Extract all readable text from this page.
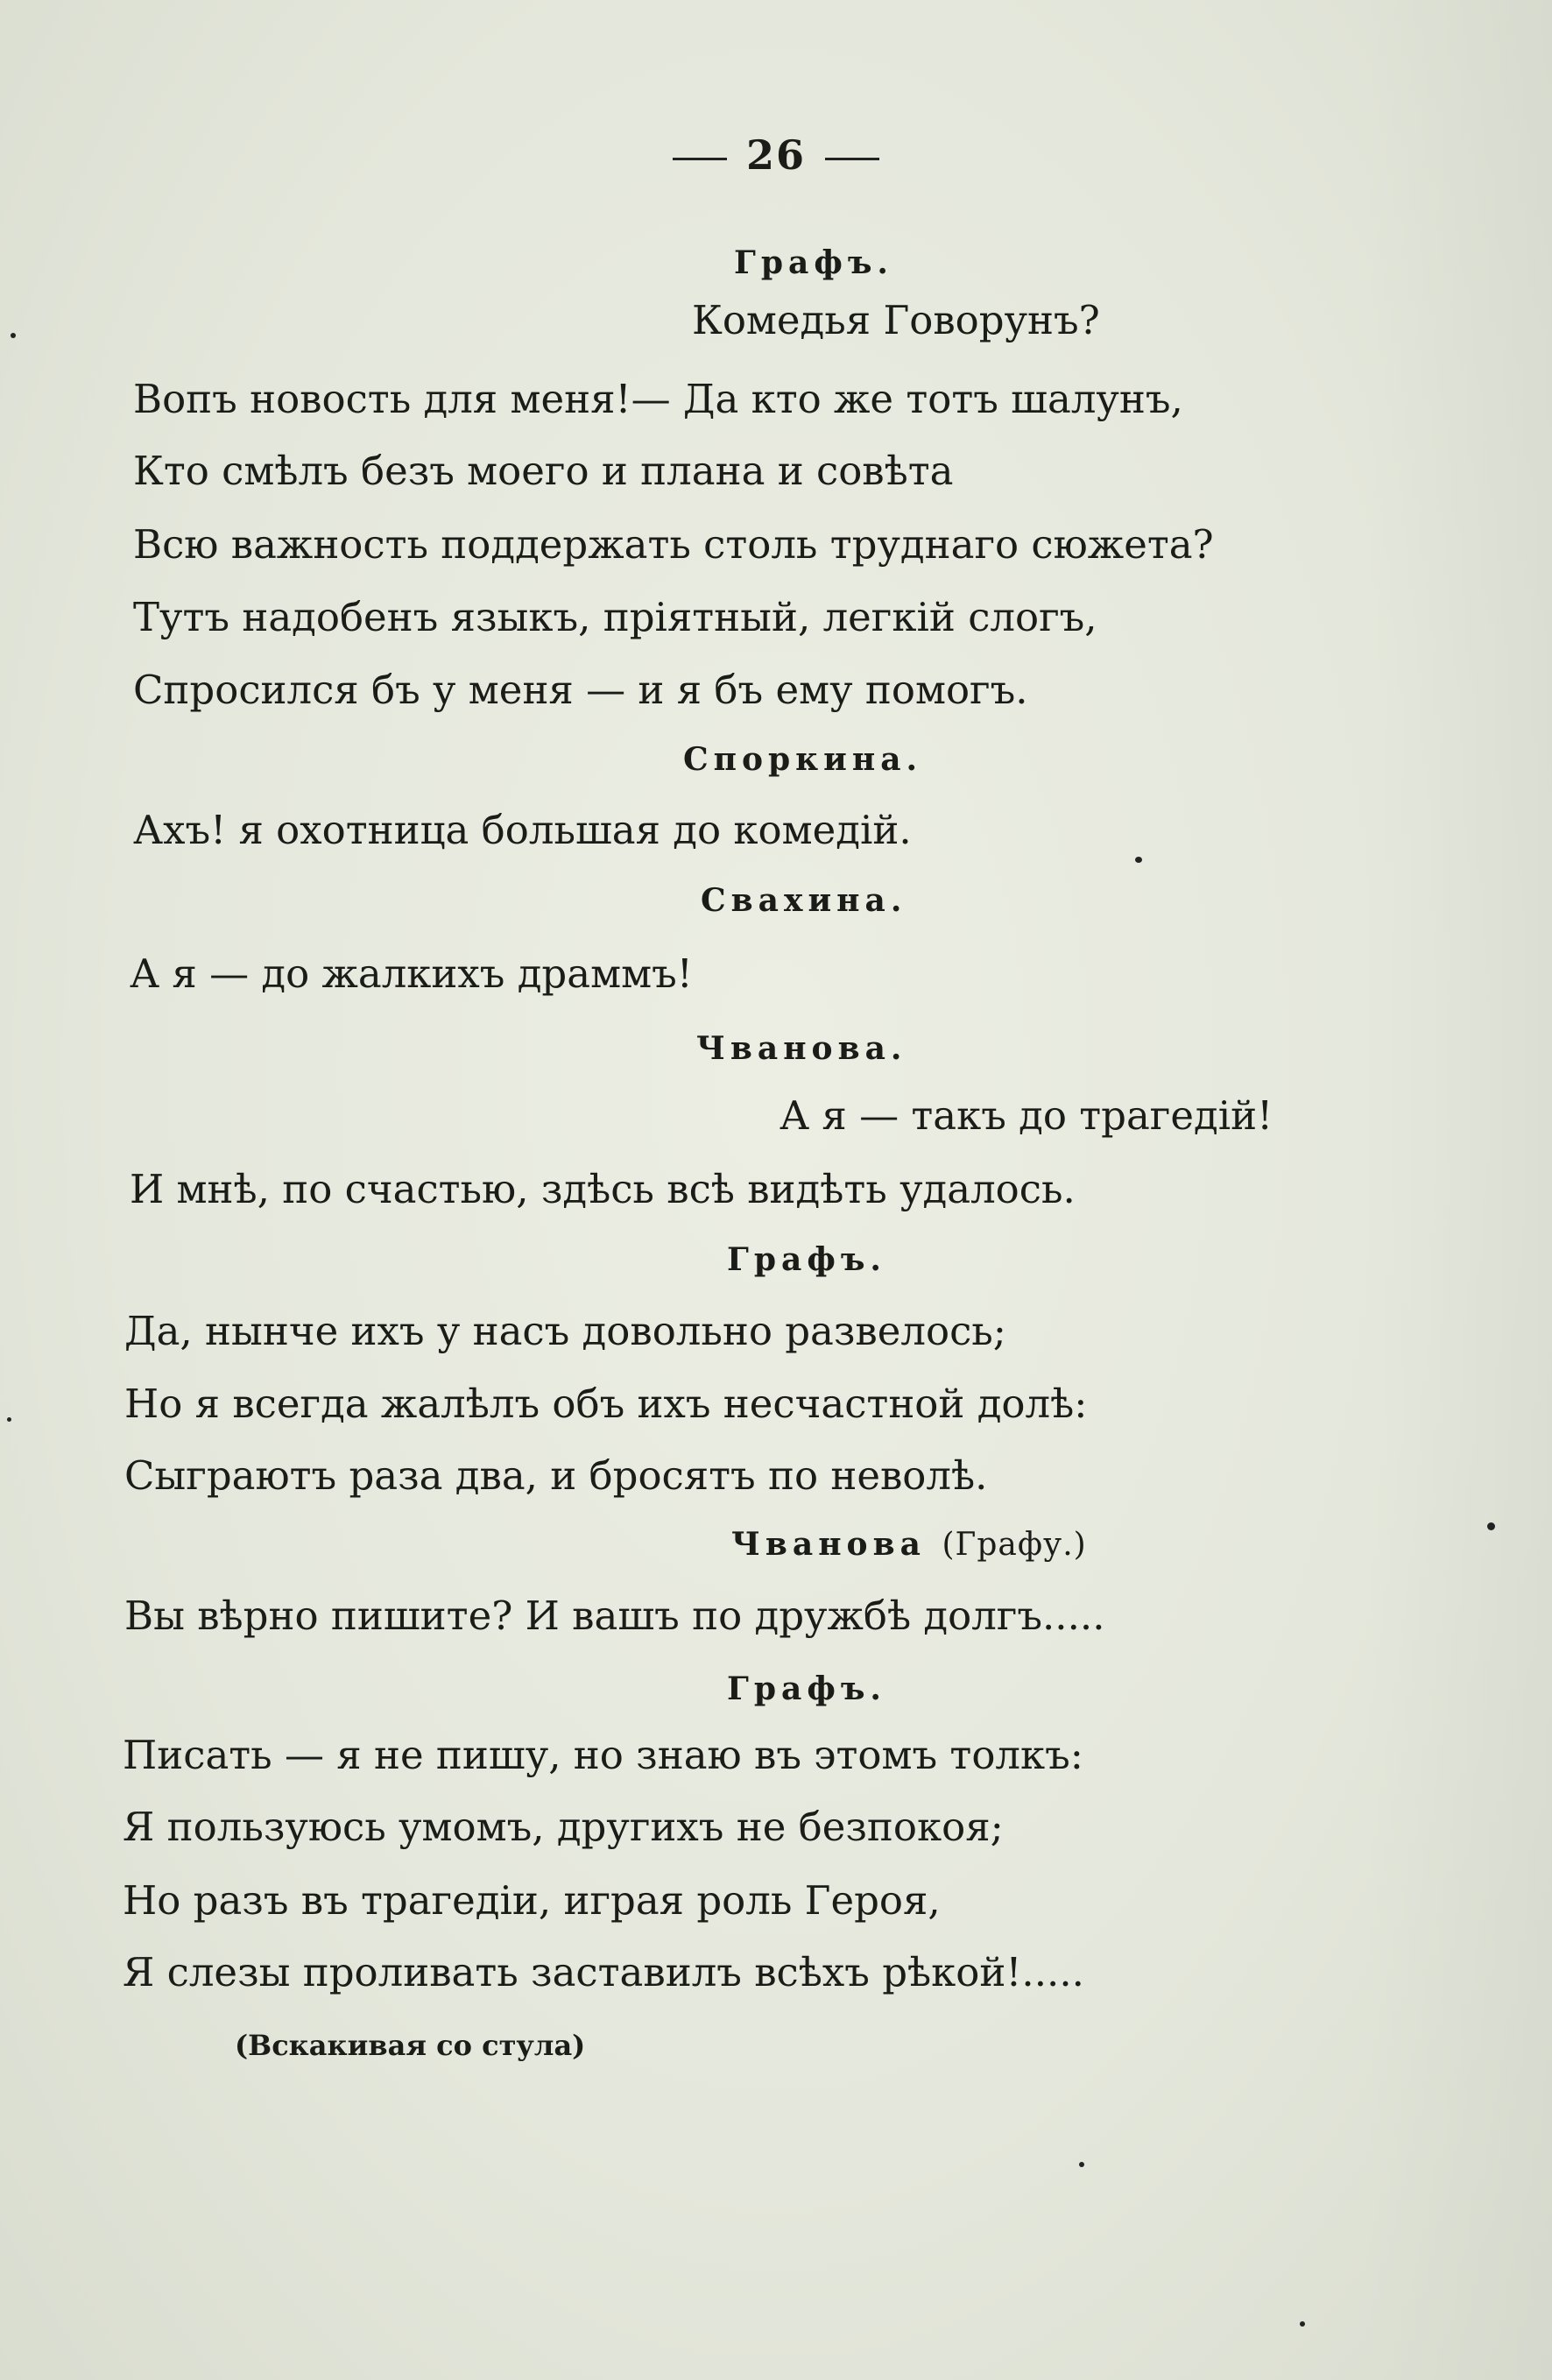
26
Графъ.
Комедья Говорунъ?
Вопъ новость для меня!— Да кто же тотъ шалунъ,
Кто смѣлъ безъ моего и плана и совѣта
Всю важность поддержать столь труднаго сюжета?
Тутъ надобенъ языкъ, пріятный, легкій слогъ,
Спросился бъ у меня — и я бъ ему помогъ.
Споркина.
Ахъ! я охотница большая до комедій.
Свахина.
А я — до жалкихъ драммъ!
Чванова.
А я — такъ до трагедій!
И мнѣ, по счастью, здѣсь всѣ видѣть удалось.
Графъ.
Да, нынче ихъ у насъ довольно развелось;
Но я всегда жалѣлъ объ ихъ несчастной долѣ:
Сыграютъ раза два, и бросятъ по неволѣ.
Чванова (Графу.)
Вы вѣрно пишите? И вашъ по дружбѣ долгъ.....
Графъ.
Писать — я не пишу, но знаю въ этомъ толкъ:
Я пользуюсь умомъ, другихъ не безпокоя;
Но разъ въ трагедіи, играя роль Героя,
Я слезы проливать заставилъ всѣхъ рѣкой!.....
(Вскакивая со стула)
